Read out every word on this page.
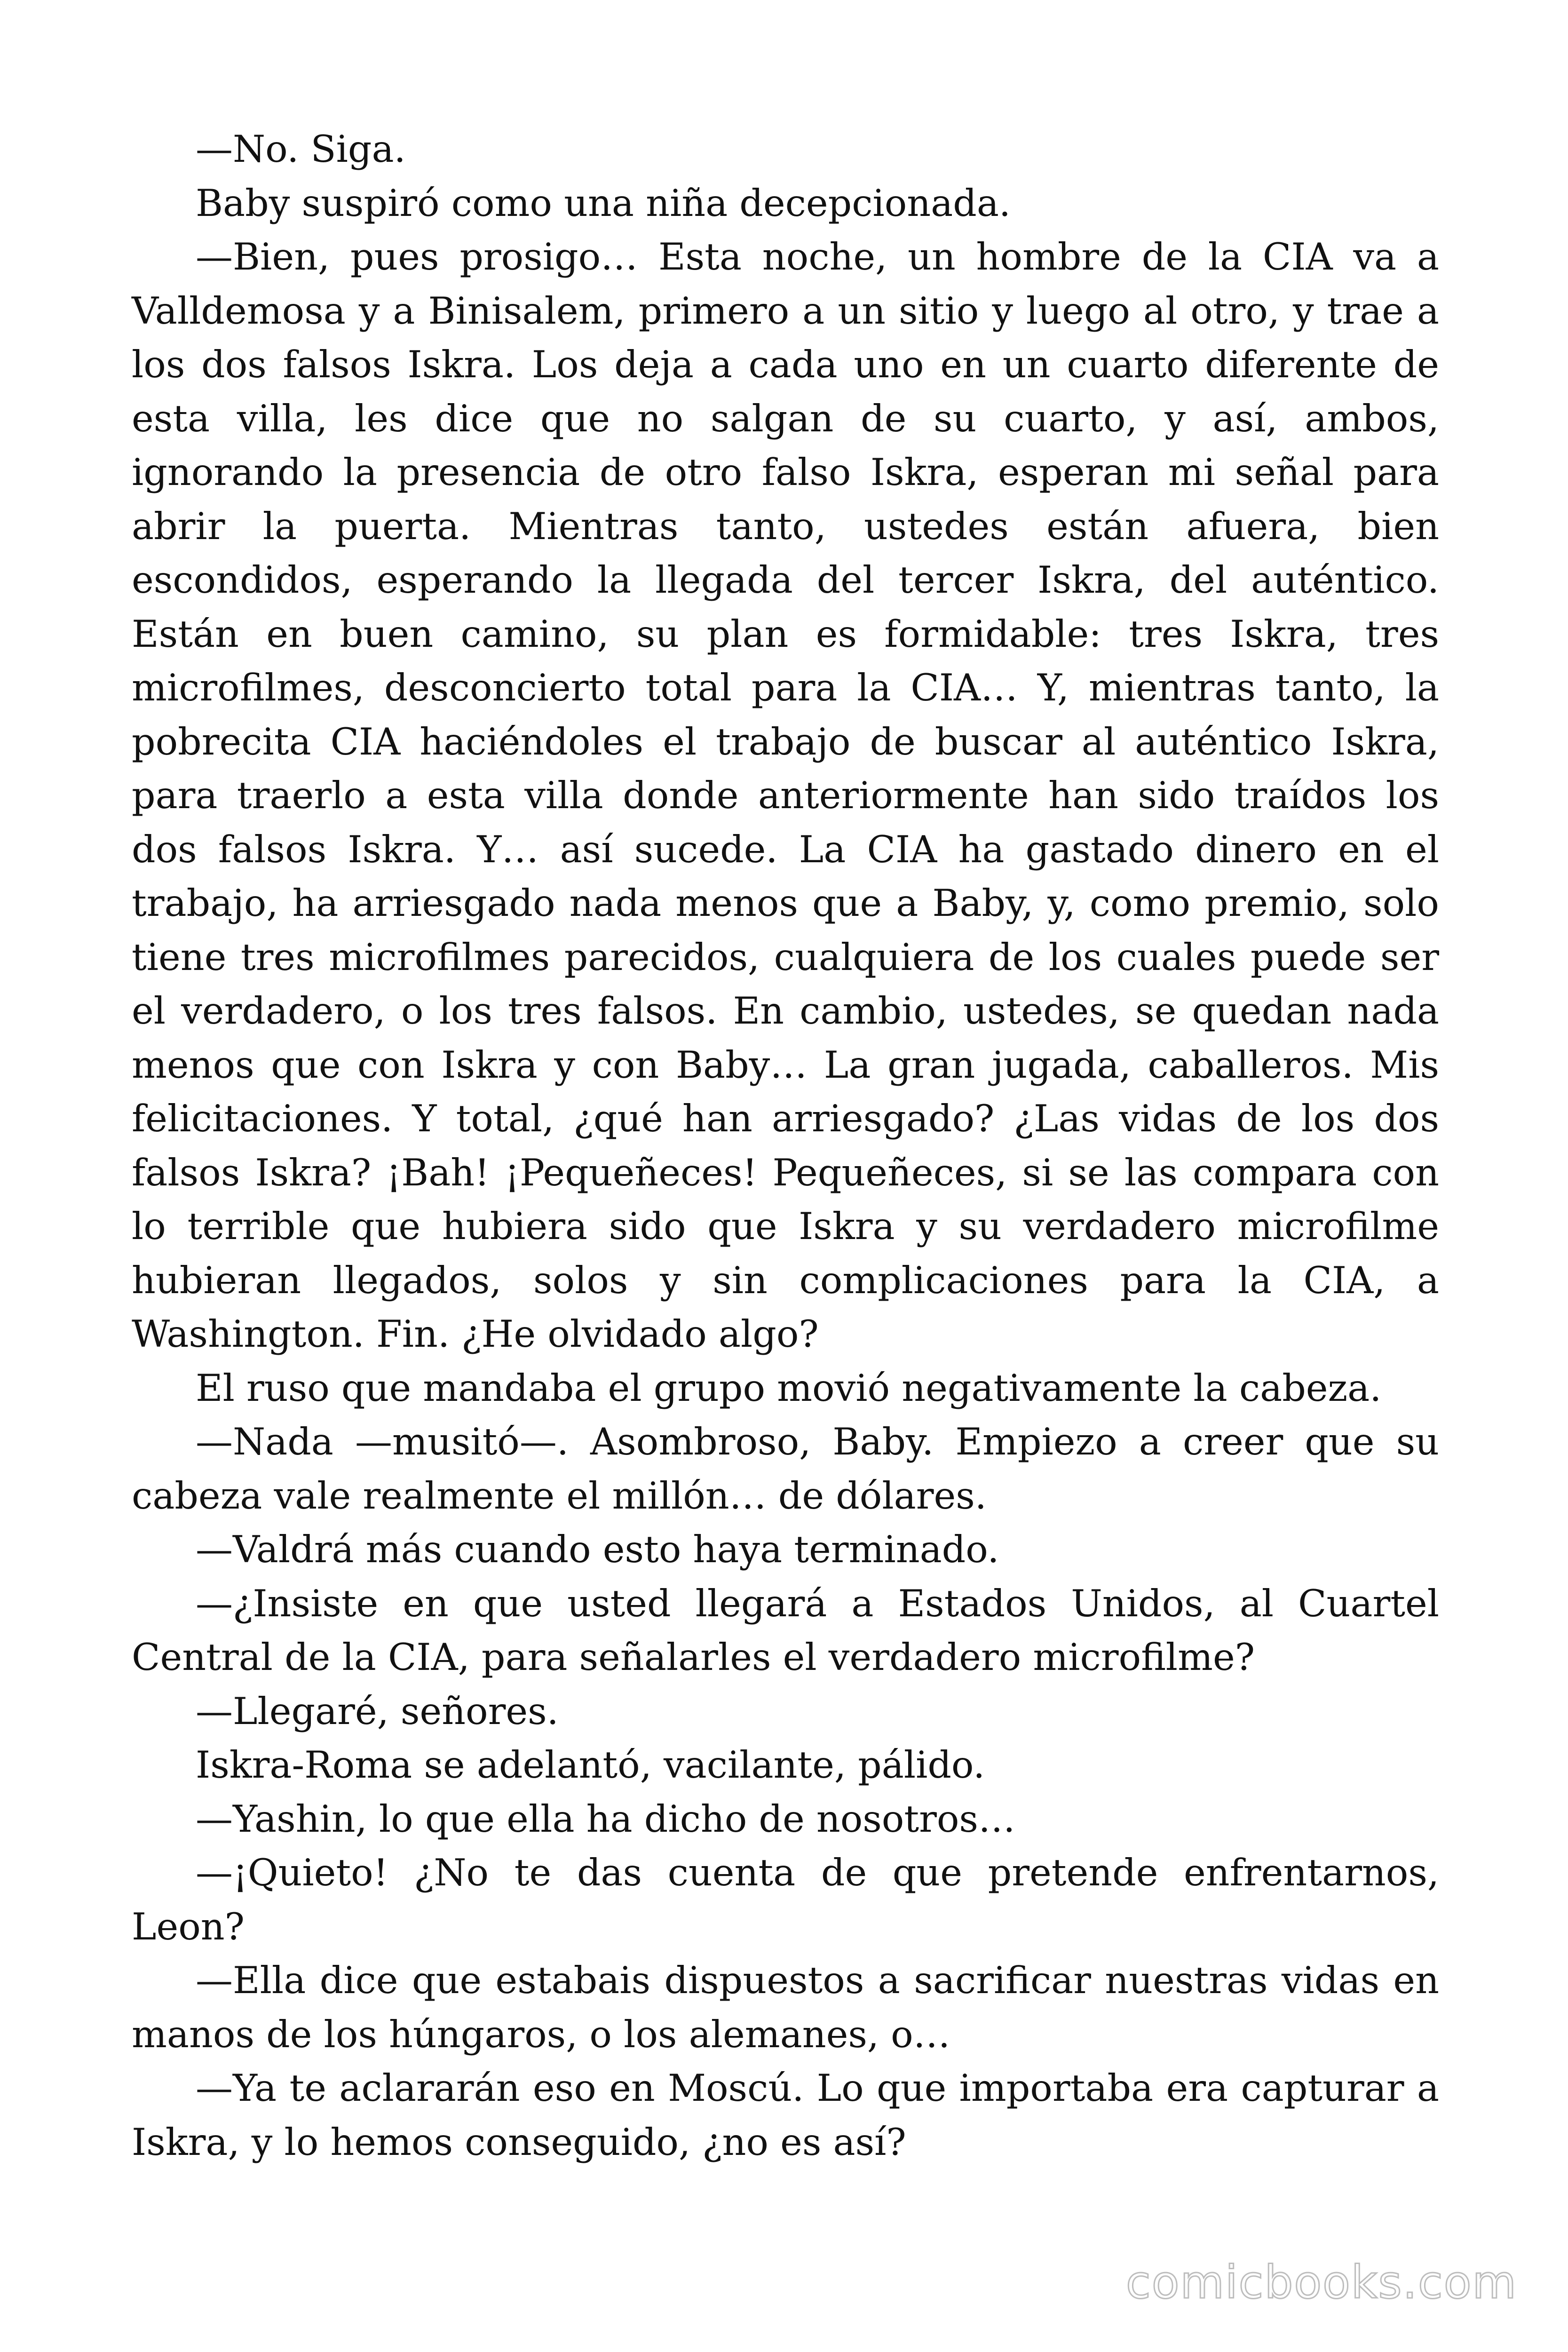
—No. Siga.

Baby suspiró como una niña decepcionada.

—Bien, pues prosigo… Esta noche, un hombre de la CIA va a Valldemosa y a Binisalem, primero a un sitio y luego al otro, y trae a los dos falsos Iskra. Los deja a cada uno en un cuarto diferente de esta villa, les dice que no salgan de su cuarto, y así, ambos, ignorando la presencia de otro falso Iskra, esperan mi señal para abrir la puerta. Mientras tanto, ustedes están afuera, bien escondidos, esperando la llegada del tercer Iskra, del auténtico. Están en buen camino, su plan es formidable: tres Iskra, tres microfilmes, desconcierto total para la CIA… Y, mientras tanto, la pobrecita CIA haciéndoles el trabajo de buscar al auténtico Iskra, para traerlo a esta villa donde anteriormente han sido traídos los dos falsos Iskra. Y… así sucede. La CIA ha gastado dinero en el trabajo, ha arriesgado nada menos que a Baby, y, como premio, solo tiene tres microfilmes parecidos, cualquiera de los cuales puede ser el verdadero, o los tres falsos. En cambio, ustedes, se quedan nada menos que con Iskra y con Baby… La gran jugada, caballeros. Mis felicitaciones. Y total, ¿qué han arriesgado? ¿Las vidas de los dos falsos Iskra? ¡Bah! ¡Pequeñeces! Pequeñeces, si se las compara con lo terrible que hubiera sido que Iskra y su verdadero microfilme hubieran llegados, solos y sin complicaciones para la CIA, a Washington. Fin. ¿He olvidado algo?

El ruso que mandaba el grupo movió negativamente la cabeza.

—Nada —musitó—. Asombroso, Baby. Empiezo a creer que su cabeza vale realmente el millón… de dólares.

—Valdrá más cuando esto haya terminado.

—¿Insiste en que usted llegará a Estados Unidos, al Cuartel Central de la CIA, para señalarles el verdadero microfilme?

—Llegaré, señores.

Iskra-Roma se adelantó, vacilante, pálido.

—Yashin, lo que ella ha dicho de nosotros…

—¡Quieto! ¿No te das cuenta de que pretende enfrentarnos, Leon?

—Ella dice que estabais dispuestos a sacrificar nuestras vidas en manos de los húngaros, o los alemanes, o…

—Ya te aclararán eso en Moscú. Lo que importaba era capturar a Iskra, y lo hemos conseguido, ¿no es así?

comicbooks.com
